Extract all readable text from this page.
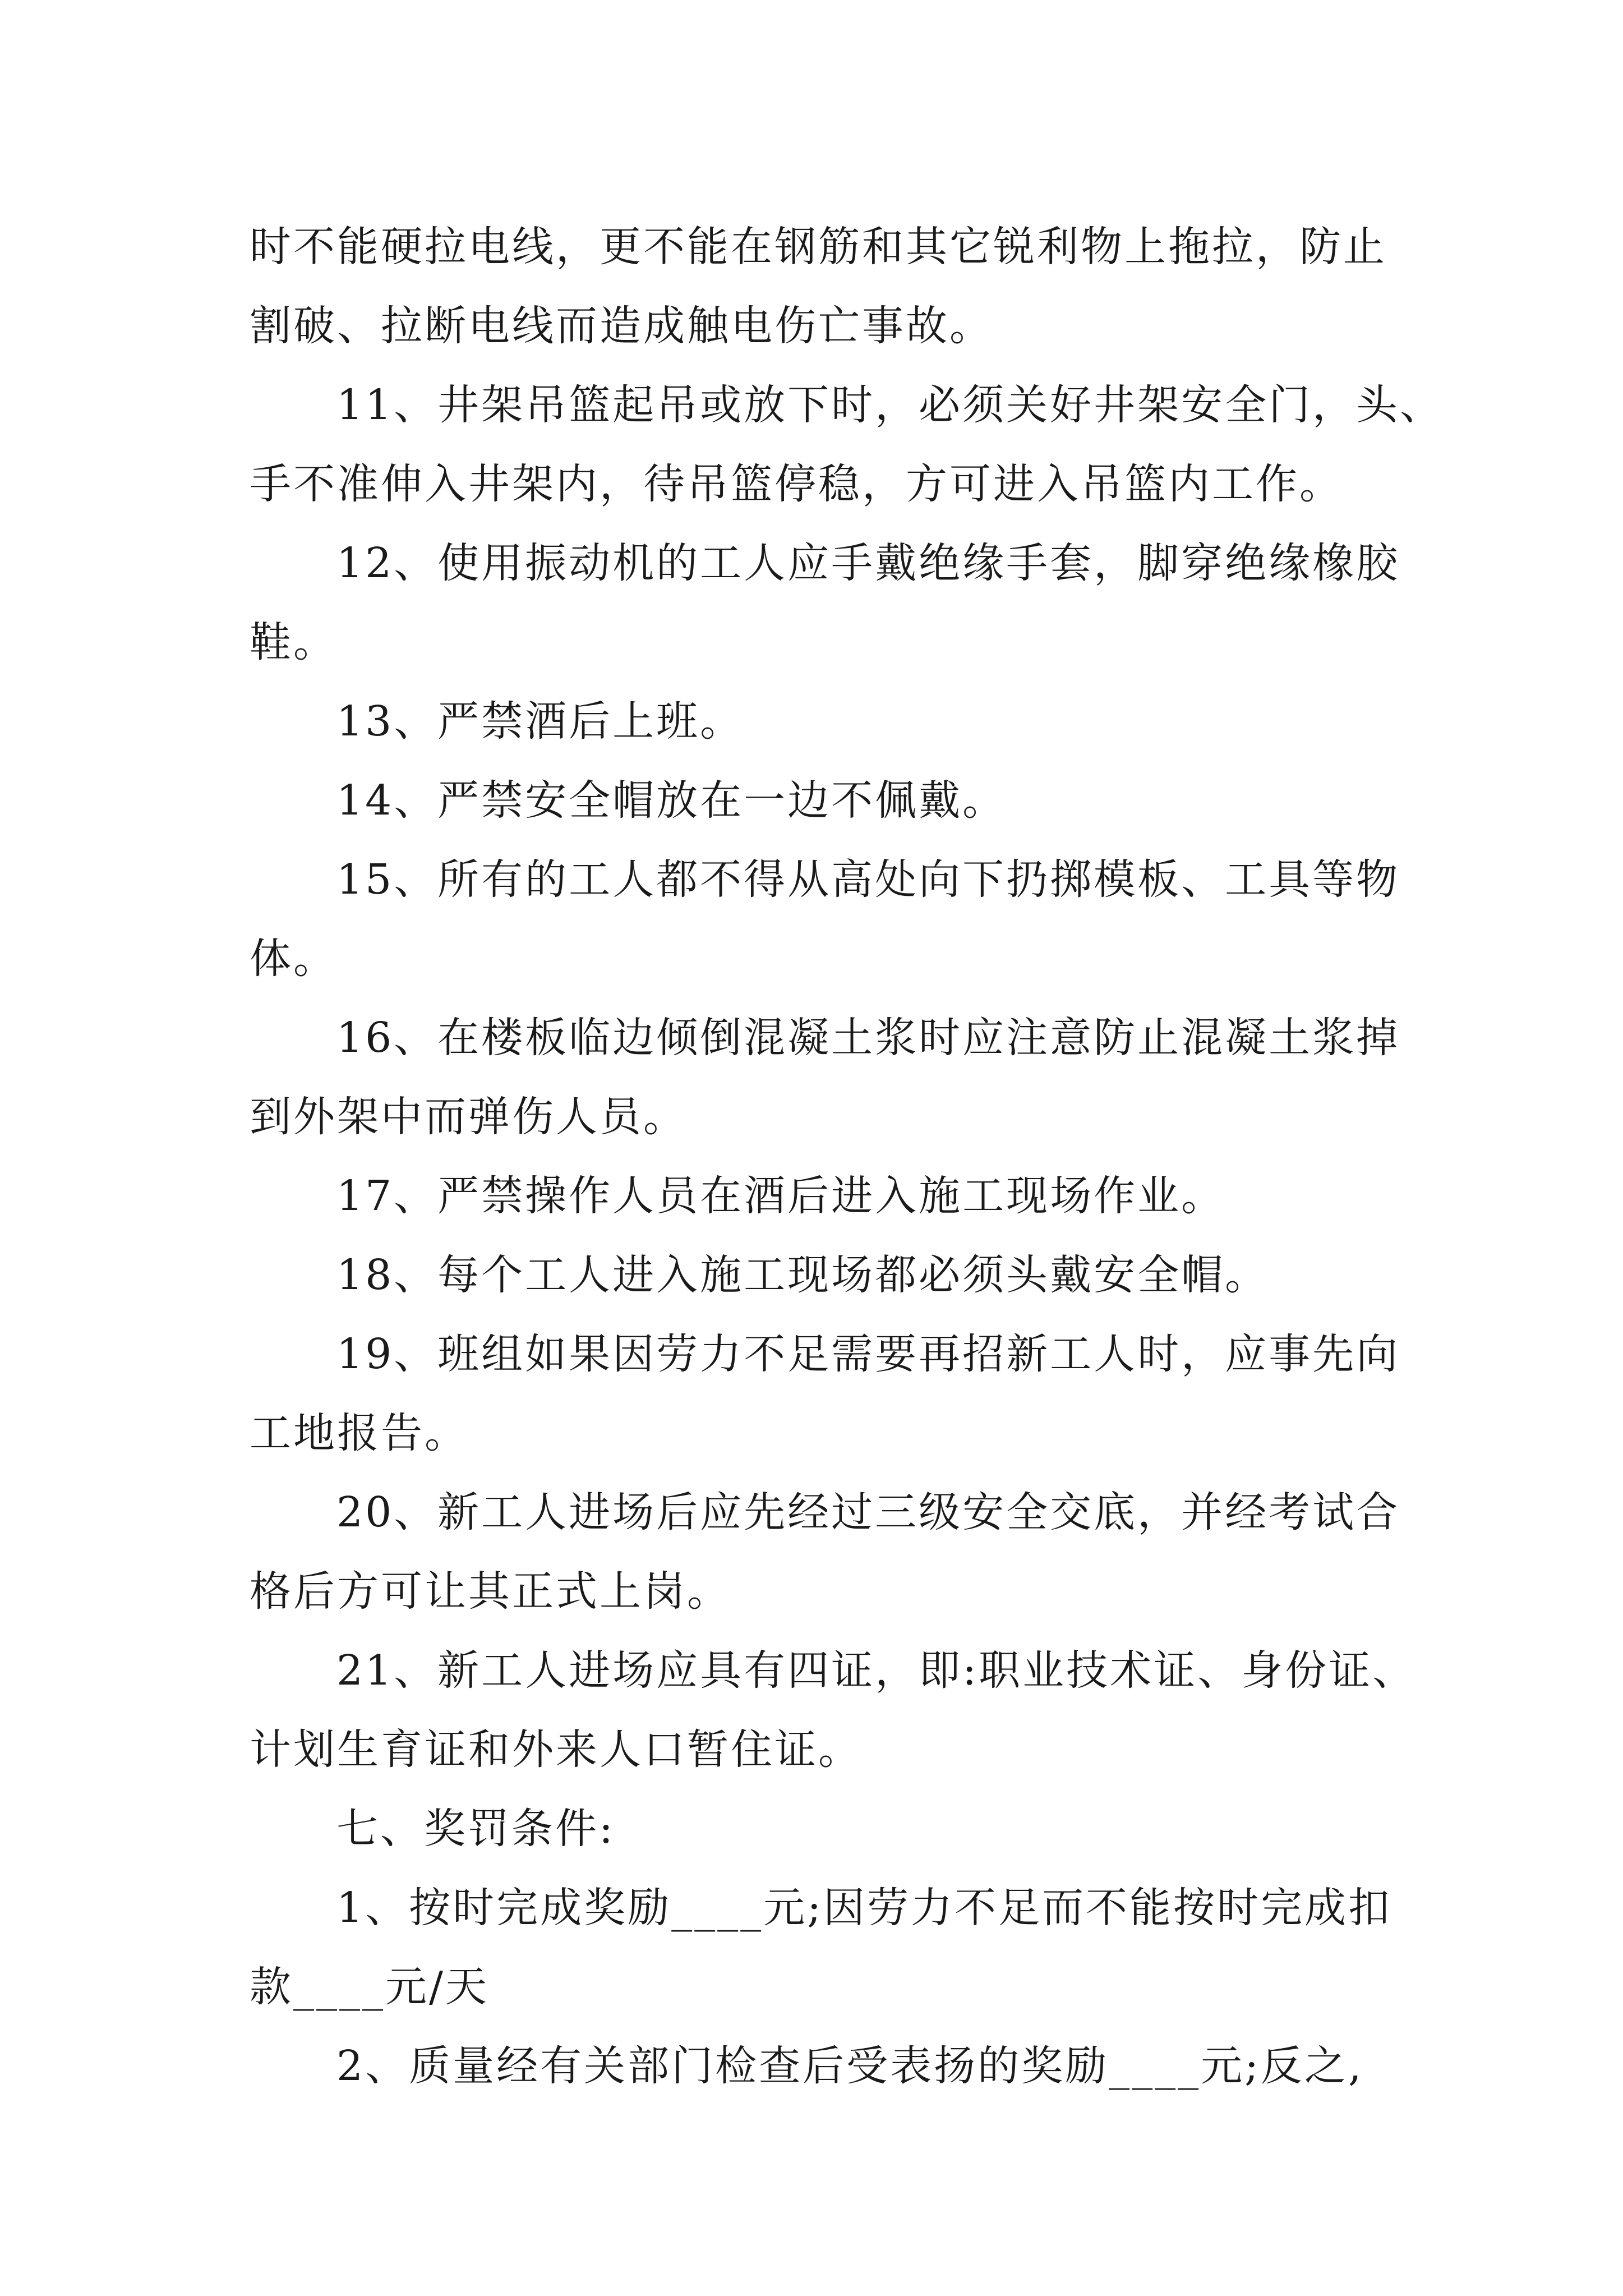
时不能硬拉电线，更不能在钢筋和其它锐利物上拖拉，防止
割破、拉断电线而造成触电伤亡事故。
11、井架吊篮起吊或放下时，必须关好井架安全门，头、
手不准伸入井架内，待吊篮停稳，方可进入吊篮内工作。
12、使用振动机的工人应手戴绝缘手套，脚穿绝缘橡胶
鞋。
13、严禁酒后上班。
14、严禁安全帽放在一边不佩戴。
15、所有的工人都不得从高处向下扔掷模板、工具等物
体。
16、在楼板临边倾倒混凝土浆时应注意防止混凝土浆掉
到外架中而弹伤人员。
17、严禁操作人员在酒后进入施工现场作业。
18、每个工人进入施工现场都必须头戴安全帽。
19、班组如果因劳力不足需要再招新工人时，应事先向
工地报告。
20、新工人进场后应先经过三级安全交底，并经考试合
格后方可让其正式上岗。
21、新工人进场应具有四证，即:职业技术证、身份证、
计划生育证和外来人口暂住证。
七、奖罚条件:
1、按时完成奖励____元;因劳力不足而不能按时完成扣
款____元/天
2、质量经有关部门检查后受表扬的奖励____元;反之,
